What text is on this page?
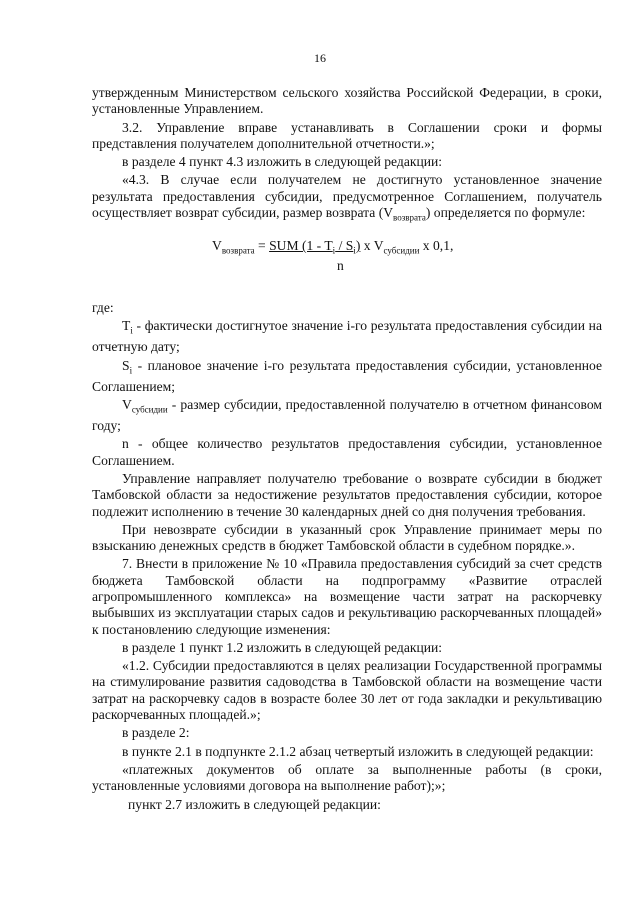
16

утвержденным Министерством сельского хозяйства Российской Федерации, в сроки, установленные Управлением.

3.2. Управление вправе устанавливать в Соглашении сроки и формы представления получателем дополнительной отчетности.»;

в разделе 4 пункт 4.3 изложить в следующей редакции:

«4.3. В случае если получателем не достигнуто установленное значение результата предоставления субсидии, предусмотренное Соглашением, получатель осуществляет возврат субсидии, размер возврата $(V_{возврата})$ определяется по формуле:

$V_{возврата}$ = SUM $(1 - T_i / S_i)$ x $V_{субсидии}$ x 0,1,
n

где:

$T_i$ - фактически достигнутое значение i-го результата предоставления субсидии на отчетную дату;

$S_i$ - плановое значение i-го результата предоставления субсидии, установленное Соглашением;

$V_{субсидии}$ - размер субсидии, предоставленной получателю в отчетном финансовом году;

n - общее количество результатов предоставления субсидии, установленное Соглашением.

Управление направляет получателю требование о возврате субсидии в бюджет Тамбовской области за недостижение результатов предоставления субсидии, которое подлежит исполнению в течение 30 календарных дней со дня получения требования.

При невозврате субсидии в указанный срок Управление принимает меры по взысканию денежных средств в бюджет Тамбовской области в судебном порядке.».

7. Внести в приложение № 10 «Правила предоставления субсидий за счет средств бюджета Тамбовской области на подпрограмму «Развитие отраслей агропромышленного комплекса» на возмещение части затрат на раскорчевку выбывших из эксплуатации старых садов и рекультивацию раскорчеванных площадей» к постановлению следующие изменения:

в разделе 1 пункт 1.2 изложить в следующей редакции:

«1.2. Субсидии предоставляются в целях реализации Государственной программы на стимулирование развития садоводства в Тамбовской области на возмещение части затрат на раскорчевку садов в возрасте более 30 лет от года закладки и рекультивацию раскорчеванных площадей.»;

в разделе 2:

в пункте 2.1 в подпункте 2.1.2 абзац четвертый изложить в следующей редакции:

«платежных документов об оплате за выполненные работы (в сроки, установленные условиями договора на выполнение работ);»;

пункт 2.7 изложить в следующей редакции:
